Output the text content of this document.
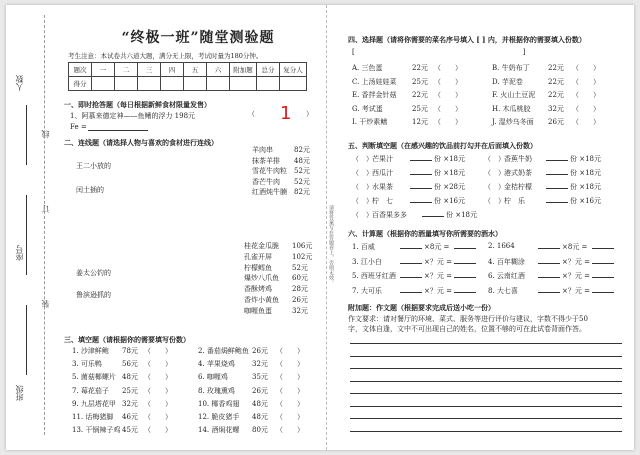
人数
座号
班级
线
订
装
“终极一班”随堂测验题
考生注意：本试卷共六道大题，满分无上限，考试时量为180分钟。
题次	一	二	三	四	五	六	附加题	总分	复分人
得分									
一、即时抢答题（每日根据新鲜食材限量发售）
1、阿慕来德定神——鱼鳍的浮力 198元	（ 1 ）
Fe =
二、连线题（请选择人物与喜欢的食材进行连线）
王二小放的
闰土插的
姜太公钓的
鲁滨逊抓的
羊肉串	82元
抹茶羊排 48元
雪花牛肉粒 52元
香芒牛肉 52元
红酒炖牛腩 82元
桂花金瓜脆 106元
孔雀开屏	102元
柠檬鳕鱼	52元
爆炒八爪鱼 60元
香酥烤鸡	28元
香炸小黄鱼 26元
咖喱鱼蛋	32元
三、填空题（请根据你的需要填写份数）
1. 沙津鲜鲍 78元 （　　）
3. 可乐鸭	56元 （　　）
5. 菌菇椰螺片 48元 （　　）
7. 莓花茄子 25元 （　　）
9. 九层塔花甲 32元 （　　）
11. 话梅猪脚 46元 （　　）
13. 干锅辣子鸡 45元 （　　）
2. 番茄焗鲜鲍鱼 26元 （　　）
4. 苹果烧鸡 32元 （　　）
6. 咖喱鸡	35元 （　　）
8. 玫瑰熏鸡 26元 （　　）
10. 椰香鸡翅 48元 （　　）
12. 脆皮猪手 48元 （　　）
14. 酒焖花螺 80元 （　　）
请将答案写在答题卷上，否则无效。
四、选择题（请将你需要的菜名序号填入 [ ] 内，并根据你的需要填入份数）
[　　　　　　　　　　　　　　　　　　　　　　　　]
A. 三色蛋	22元 （　　）
C. 上汤娃娃菜 25元 （　　）
E. 香拌金针菇 22元 （　　）
G. 考试蛋	25元 （　　）
I. 干炒素鳝	12元 （　　）
B. 牛奶布丁	22元 （　　）
D. 芋泥卷	22元 （　　）
F. 火山土豆泥 22元 （　　）
H. 木瓜桃胶 32元 （　　）
J. 湿炒乌冬面 26元 （　　）
五、判断填空题（在感兴趣的饮品前打勾并在后面填入份数）
（　） 芒果汁	份 ×18元
（　） 西瓜汁	份 ×18元
（　） 水果茶	份 ×28元
（　） 柠　七	份 ×16元
（　） 百香果多多	份 ×18元
（　） 香蕉牛奶	份 ×18元
（　） 港式奶茶	份 ×18元
（　） 金桔柠檬	份 ×18元
（　） 柠　乐	份 ×16元
六、计算题（根据你的酒量填写你所需要的酒水）
1. 百威	×8元 =	2. 1664	×8元 =
3. 江小白	×？元 =	4. 百年糊涂	×？元 =
5. 西班牙红酒	×？元 =	6. 云南红酒	×？元 =
7. 大可乐	×？元 =	8. 大七喜	×？元 =
附加题：作文题（根据要求完成后送小吃一份）
作文要求：请对餐厅的环境、菜式、服务等进行评价与建议，字数不得少于50
字，文体自逢，文中不可出现自己的姓名，位置不够的可在此试卷背面作答。
